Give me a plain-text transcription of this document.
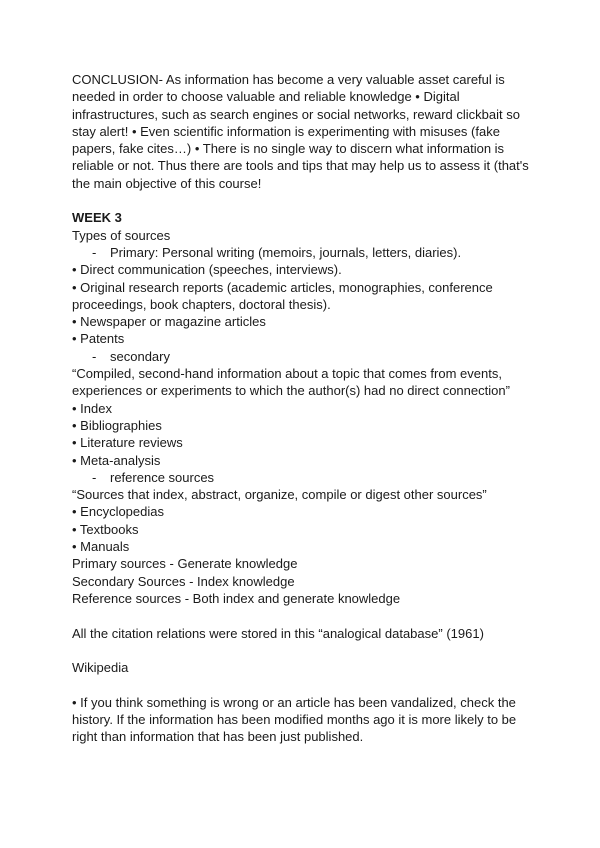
CONCLUSION- As information has become a very valuable asset careful is needed in order to choose valuable and reliable knowledge • Digital infrastructures, such as search engines or social networks, reward clickbait so stay alert! • Even scientific information is experimenting with misuses (fake papers, fake cites…) • There is no single way to discern what information is reliable or not. Thus there are tools and tips that may help us to assess it (that's the main objective of this course!

WEEK 3

Types of sources

-	Primary: Personal writing (memoirs, journals, letters, diaries).

• Direct communication (speeches, interviews).

• Original research reports (academic articles, monographies, conference proceedings, book chapters, doctoral thesis).

• Newspaper or magazine articles

• Patents

-	secondary

“Compiled, second-hand information about a topic that comes from events, experiences or experiments to which the author(s) had no direct connection”

• Index

• Bibliographies

• Literature reviews

• Meta-analysis

-	reference sources

“Sources that index, abstract, organize, compile or digest other sources”

• Encyclopedias

• Textbooks

• Manuals

Primary sources - Generate knowledge

Secondary Sources - Index knowledge

Reference sources - Both index and generate knowledge

All the citation relations were stored in this “analogical database” (1961)

Wikipedia

• If you think something is wrong or an article has been vandalized, check the history. If the information has been modified months ago it is more likely to be right than information that has been just published.
